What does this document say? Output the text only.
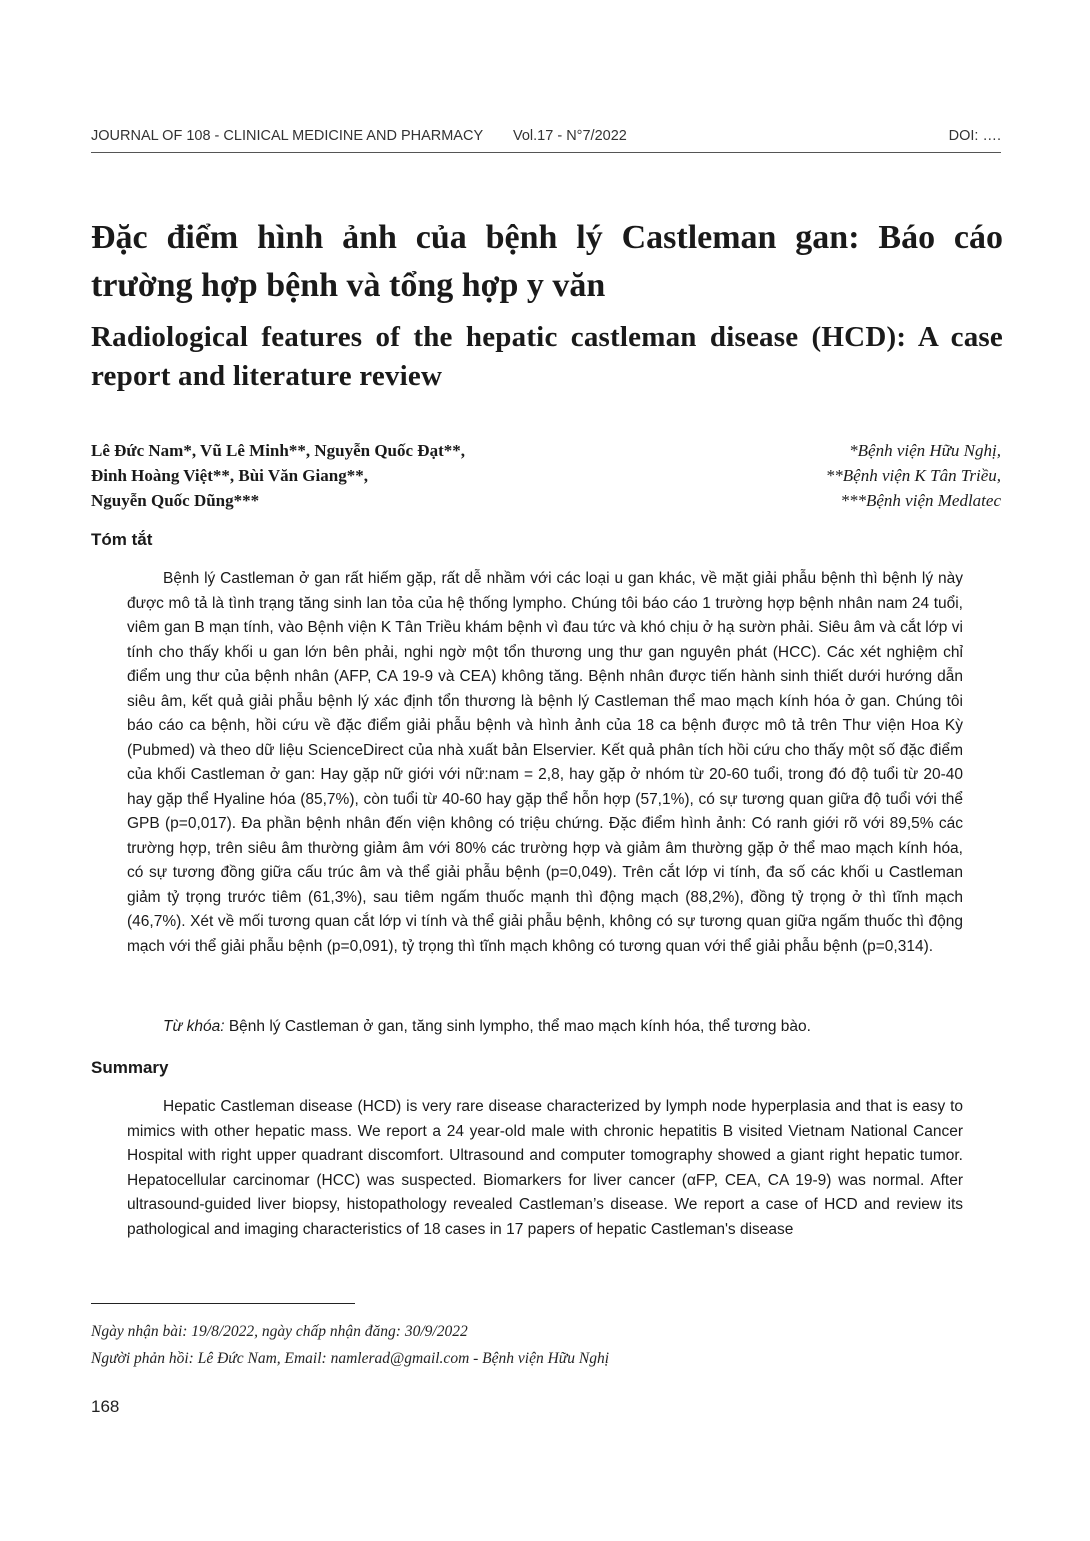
JOURNAL OF 108 - CLINICAL MEDICINE AND PHARMACY Vol.17 - N°7/2022	DOI: ….
Đặc điểm hình ảnh của bệnh lý Castleman gan: Báo cáo trường hợp bệnh và tổng hợp y văn
Radiological features of the hepatic castleman disease (HCD): A case report and literature review
Lê Đức Nam*, Vũ Lê Minh**, Nguyễn Quốc Đạt**,
Đinh Hoàng Việt**, Bùi Văn Giang**,
Nguyễn Quốc Dũng***
*Bệnh viện Hữu Nghị,
**Bệnh viện K Tân Triều,
***Bệnh viện Medlatec
Tóm tắt

Bệnh lý Castleman ở gan rất hiếm gặp, rất dễ nhầm với các loại u gan khác, về mặt giải phẫu bệnh thì bệnh lý này được mô tả là tình trạng tăng sinh lan tỏa của hệ thống lympho. Chúng tôi báo cáo 1 trường hợp bệnh nhân nam 24 tuổi, viêm gan B mạn tính, vào Bệnh viện K Tân Triều khám bệnh vì đau tức và khó chịu ở hạ sườn phải. Siêu âm và cắt lớp vi tính cho thấy khối u gan lớn bên phải, nghi ngờ một tổn thương ung thư gan nguyên phát (HCC). Các xét nghiệm chỉ điểm ung thư của bệnh nhân (AFP, CA 19-9 và CEA) không tăng. Bệnh nhân được tiến hành sinh thiết dưới hướng dẫn siêu âm, kết quả giải phẫu bệnh lý xác định tổn thương là bệnh lý Castleman thể mao mạch kính hóa ở gan. Chúng tôi báo cáo ca bệnh, hồi cứu về đặc điểm giải phẫu bệnh và hình ảnh của 18 ca bệnh được mô tả trên Thư viện Hoa Kỳ (Pubmed) và theo dữ liệu ScienceDirect của nhà xuất bản Elservier. Kết quả phân tích hồi cứu cho thấy một số đặc điểm của khối Castleman ở gan: Hay gặp nữ giới với nữ:nam = 2,8, hay gặp ở nhóm từ 20-60 tuổi, trong đó độ tuổi từ 20-40 hay gặp thể Hyaline hóa (85,7%), còn tuổi từ 40-60 hay gặp thể hỗn hợp (57,1%), có sự tương quan giữa độ tuổi với thể GPB (p=0,017). Đa phần bệnh nhân đến viện không có triệu chứng. Đặc điểm hình ảnh: Có ranh giới rõ với 89,5% các trường hợp, trên siêu âm thường giảm âm với 80% các trường hợp và giảm âm thường gặp ở thể mao mạch kính hóa, có sự tương đồng giữa cấu trúc âm và thể giải phẫu bệnh (p=0,049). Trên cắt lớp vi tính, đa số các khối u Castleman giảm tỷ trọng trước tiêm (61,3%), sau tiêm ngấm thuốc mạnh thì động mạch (88,2%), đồng tỷ trọng ở thì tĩnh mạch (46,7%). Xét về mối tương quan cắt lớp vi tính và thể giải phẫu bệnh, không có sự tương quan giữa ngấm thuốc thì động mạch với thể giải phẫu bệnh (p=0,091), tỷ trọng thì tĩnh mạch không có tương quan với thể giải phẫu bệnh (p=0,314).

Từ khóa: Bệnh lý Castleman ở gan, tăng sinh lympho, thể mao mạch kính hóa, thể tương bào.
Summary

Hepatic Castleman disease (HCD) is very rare disease characterized by lymph node hyperplasia and that is easy to mimics with other hepatic mass. We report a 24 year-old male with chronic hepatitis B visited Vietnam National Cancer Hospital with right upper quadrant discomfort. Ultrasound and computer tomography showed a giant right hepatic tumor. Hepatocellular carcinomar (HCC) was suspected. Biomarkers for liver cancer (αFP, CEA, CA 19-9) was normal. After ultrasound-guided liver biopsy, histopathology revealed Castleman’s disease. We report a case of HCD and review its pathological and imaging characteristics of 18 cases in 17 papers of hepatic Castleman's disease

Ngày nhận bài: 19/8/2022, ngày chấp nhận đăng: 30/9/2022
Người phản hồi: Lê Đức Nam, Email: namlerad@gmail.com - Bệnh viện Hữu Nghị
168
